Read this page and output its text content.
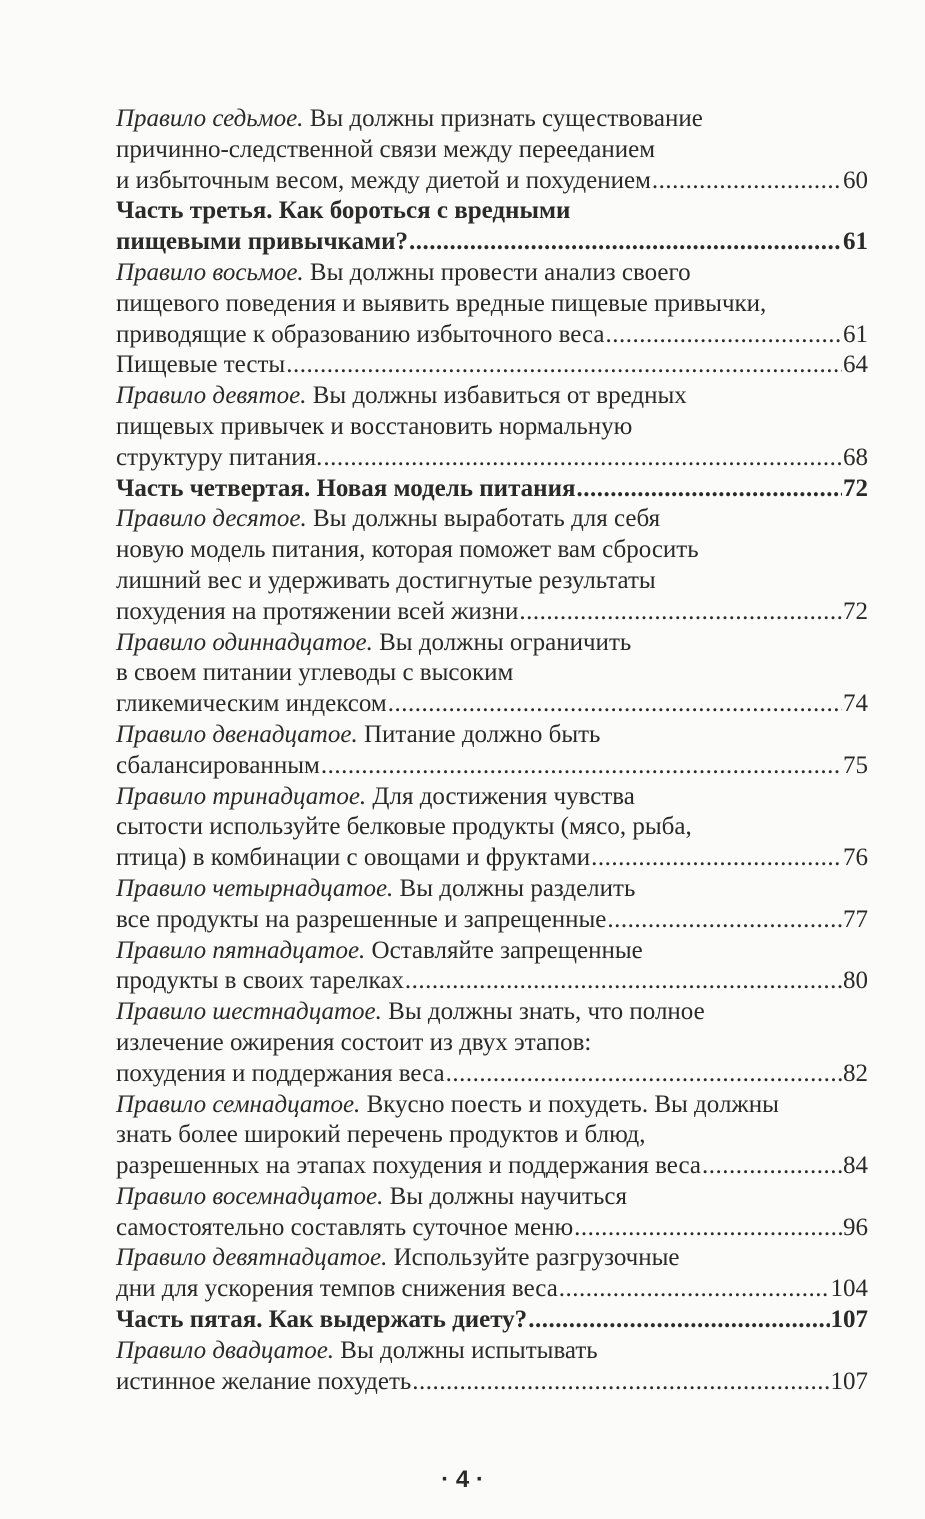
Правило седьмое. Вы должны признать существование
причинно-следственной связи между перееданием
и избыточным весом, между диетой и похудением .....	60
Часть третья. Как бороться с вредными
пищевыми привычками? .....	61
Правило восьмое. Вы должны провести анализ своего
пищевого поведения и выявить вредные пищевые привычки,
приводящие к образованию избыточного веса .....	61
Пищевые тесты .....	64
Правило девятое. Вы должны избавиться от вредных
пищевых привычек и восстановить нормальную
структуру питания. .....	68
Часть четвертая. Новая модель питания .....	72
Правило десятое. Вы должны выработать для себя
новую модель питания, которая поможет вам сбросить
лишний вес и удерживать достигнутые результаты
похудения на протяжении всей жизни .....	72
Правило одиннадцатое. Вы должны ограничить
в своем питании углеводы с высоким
гликемическим индексом .....	74
Правило двенадцатое. Питание должно быть
сбалансированным .....	75
Правило тринадцатое. Для достижения чувства
сытости используйте белковые продукты (мясо, рыба,
птица) в комбинации с овощами и фруктами .....	76
Правило четырнадцатое. Вы должны разделить
все продукты на разрешенные и запрещенные .....	77
Правило пятнадцатое. Оставляйте запрещенные
продукты в своих тарелках .....	80
Правило шестнадцатое. Вы должны знать, что полное
излечение ожирения состоит из двух этапов:
похудения и поддержания веса .....	82
Правило семнадцатое. Вкусно поесть и похудеть. Вы должны
знать более широкий перечень продуктов и блюд,
разрешенных на этапах похудения и поддержания веса .....	84
Правило восемнадцатое. Вы должны научиться
самостоятельно составлять суточное меню .....	96
Правило девятнадцатое. Используйте разгрузочные
дни для ускорения темпов снижения веса .....	104
Часть пятая. Как выдержать диету? .....	107
Правило двадцатое. Вы должны испытывать
истинное желание похудеть .....	107
· 4 ·
